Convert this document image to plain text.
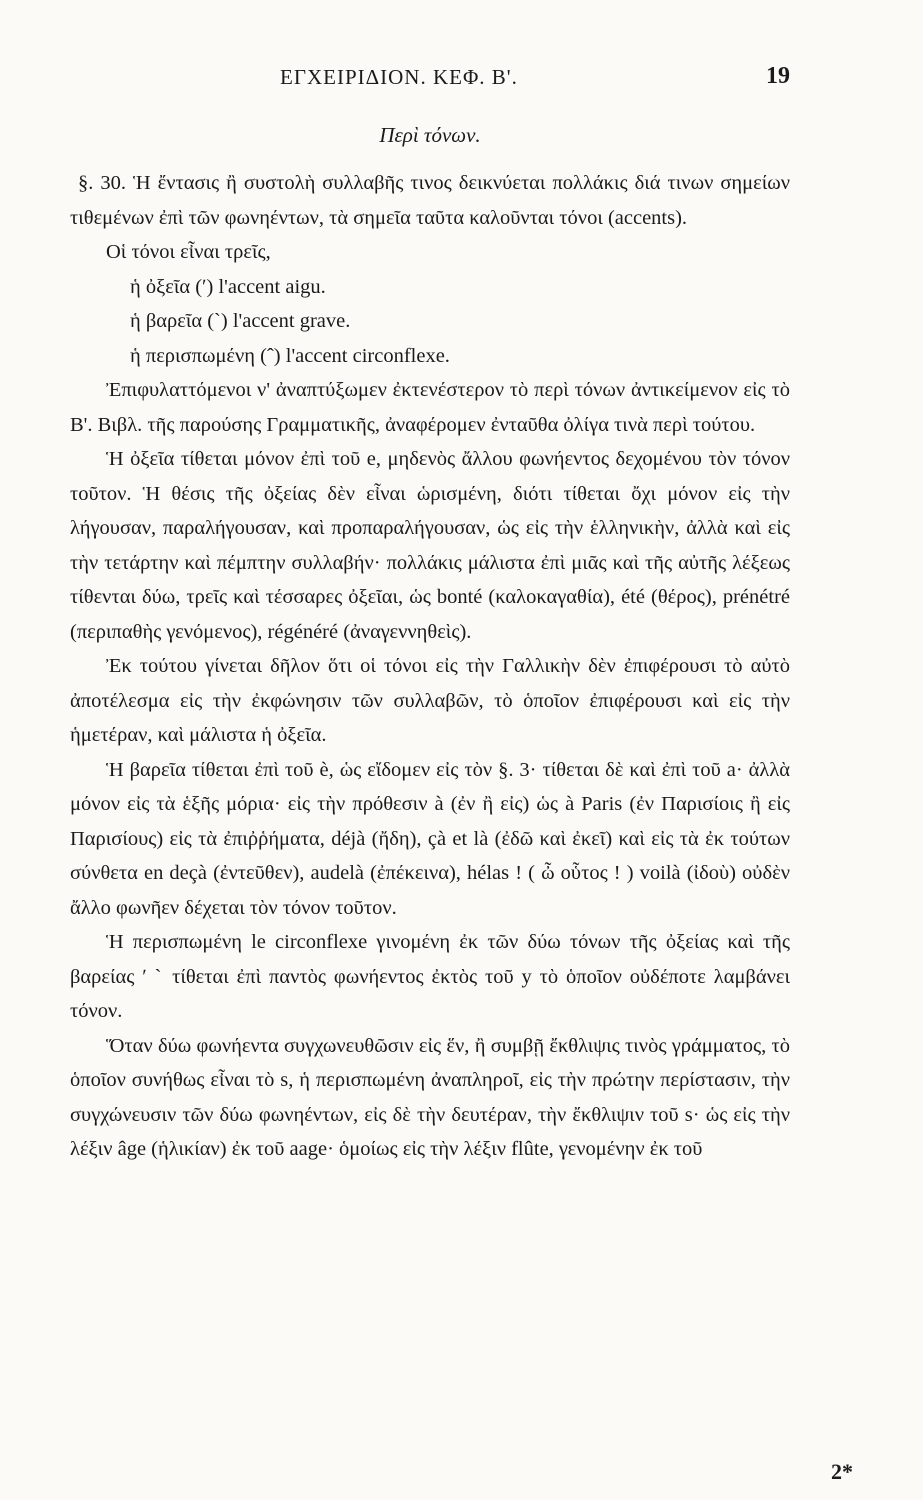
ΕΓΧΕΙΡΙΔΙΟΝ. ΚΕΦ. Β'.	19
Περὶ τόνων.

§. 30. Ἡ ἔντασις ἢ συστολὴ συλλαβῆς τινος δεικνύεται πολλάκις διά τινων σημείων τιθεμένων ἐπὶ τῶν φωνηέντων, τὰ σημεῖα ταῦτα καλοῦνται τόνοι (accents).

Οἱ τόνοι εἶναι τρεῖς,

ἡ ὀξεῖα (ʹ) l'accent aigu.

ἡ βαρεῖα (ˋ) l'accent grave.

ἡ περισπωμένη (ˆ) l'accent circonflexe.

Ἐπιφυλαττόμενοι ν' ἀναπτύξωμεν ἐκτενέστερον τὸ περὶ τόνων ἀντικείμενον εἰς τὸ Β'. Βιβλ. τῆς παρούσης Γραμματικῆς, ἀναφέρομεν ἐνταῦθα ὀλίγα τινὰ περὶ τούτου.

Ἡ ὀξεῖα τίθεται μόνον ἐπὶ τοῦ e, μηδενὸς ἄλλου φωνήεντος δεχομένου τὸν τόνον τοῦτον. Ἡ θέσις τῆς ὀξείας δὲν εἶναι ὡρισμένη, διότι τίθεται ὄχι μόνον εἰς τὴν λήγουσαν, παραλήγουσαν, καὶ προπαραλήγουσαν, ὡς εἰς τὴν ἑλληνικὴν, ἀλλὰ καὶ εἰς τὴν τετάρτην καὶ πέμπτην συλλαβήν· πολλάκις μάλιστα ἐπὶ μιᾶς καὶ τῆς αὐτῆς λέξεως τίθενται δύω, τρεῖς καὶ τέσσαρες ὀξεῖαι, ὡς bonté (καλοκαγαθία), été (θέρος), prénétré (περιπαθὴς γενόμενος), régénéré (ἀναγεννηθεὶς).

Ἐκ τούτου γίνεται δῆλον ὅτι οἱ τόνοι εἰς τὴν Γαλλικὴν δὲν ἐπιφέρουσι τὸ αὐτὸ ἀποτέλεσμα εἰς τὴν ἐκφώνησιν τῶν συλλαβῶν, τὸ ὁποῖον ἐπιφέρουσι καὶ εἰς τὴν ἡμετέραν, καὶ μάλιστα ἡ ὀξεῖα.

Ἡ βαρεῖα τίθεται ἐπὶ τοῦ è, ὡς εἴδομεν εἰς τὸν §. 3· τίθεται δὲ καὶ ἐπὶ τοῦ a· ἀλλὰ μόνον εἰς τὰ ἑξῆς μόρια· εἰς τὴν πρόθεσιν à (ἐν ἢ εἰς) ὡς à Paris (ἐν Παρισίοις ἢ εἰς Παρισίους) εἰς τὰ ἐπιῤῥήματα, déjà (ἤδη), çà et là (ἐδῶ καὶ ἐκεῖ) καὶ εἰς τὰ ἐκ τούτων σύνθετα en deçà (ἐντεῦθεν), audelà (ἐπέκεινα), hélas ! ( ὦ οὗτος ! ) voilà (ἰδοὺ) οὐδὲν ἄλλο φωνῆεν δέχεται τὸν τόνον τοῦτον.

Ἡ περισπωμένη le circonflexe γινομένη ἐκ τῶν δύω τόνων τῆς ὀξείας καὶ τῆς βαρείας ʹ ˋ τίθεται ἐπὶ παντὸς φωνήεντος ἐκτὸς τοῦ y τὸ ὁποῖον οὐδέποτε λαμβάνει τόνον.

Ὅταν δύω φωνήεντα συγχωνευθῶσιν εἰς ἕν, ἢ συμβῇ ἔκθλιψις τινὸς γράμματος, τὸ ὁποῖον συνήθως εἶναι τὸ s, ἡ περισπωμένη ἀναπληροῖ, εἰς τὴν πρώτην περίστασιν, τὴν συγχώνευσιν τῶν δύω φωνηέντων, εἰς δὲ τὴν δευτέραν, τὴν ἔκθλιψιν τοῦ s· ὡς εἰς τὴν λέξιν âge (ἡλικίαν) ἐκ τοῦ aage· ὁμοίως εἰς τὴν λέξιν flûte, γενομένην ἐκ τοῦ

2*
